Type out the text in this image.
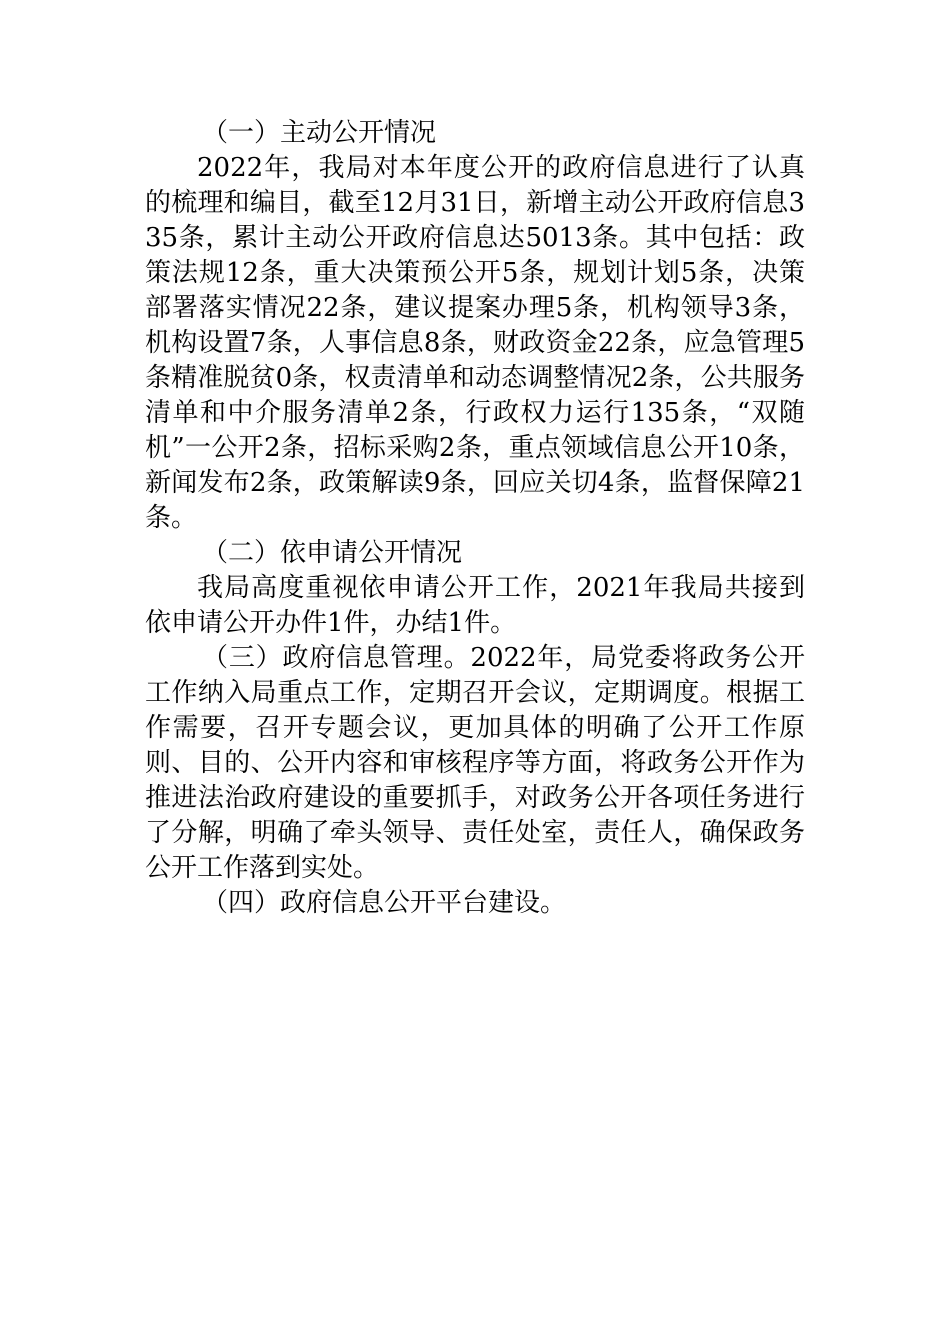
（一）主动公开情况

2022年，我局对本年度公开的政府信息进行了认真的梳理和编目，截至12月31日，新增主动公开政府信息335条，累计主动公开政府信息达5013条。其中包括：政策法规12条，重大决策预公开5条，规划计划5条，决策部署落实情况22条，建议提案办理5条，机构领导3条，机构设置7条，人事信息8条，财政资金22条，应急管理5条精准脱贫0条，权责清单和动态调整情况2条，公共服务清单和中介服务清单2条，行政权力运行135条，“双随机”一公开2条，招标采购2条，重点领域信息公开10条，新闻发布2条，政策解读9条，回应关切4条，监督保障21条。

（二）依申请公开情况

我局高度重视依申请公开工作，2021年我局共接到依申请公开办件1件，办结1件。

（三）政府信息管理。2022年，局党委将政务公开工作纳入局重点工作，定期召开会议，定期调度。根据工作需要，召开专题会议，更加具体的明确了公开工作原则、目的、公开内容和审核程序等方面，将政务公开作为推进法治政府建设的重要抓手，对政务公开各项任务进行了分解，明确了牵头领导、责任处室，责任人，确保政务公开工作落到实处。

（四）政府信息公开平台建设。
